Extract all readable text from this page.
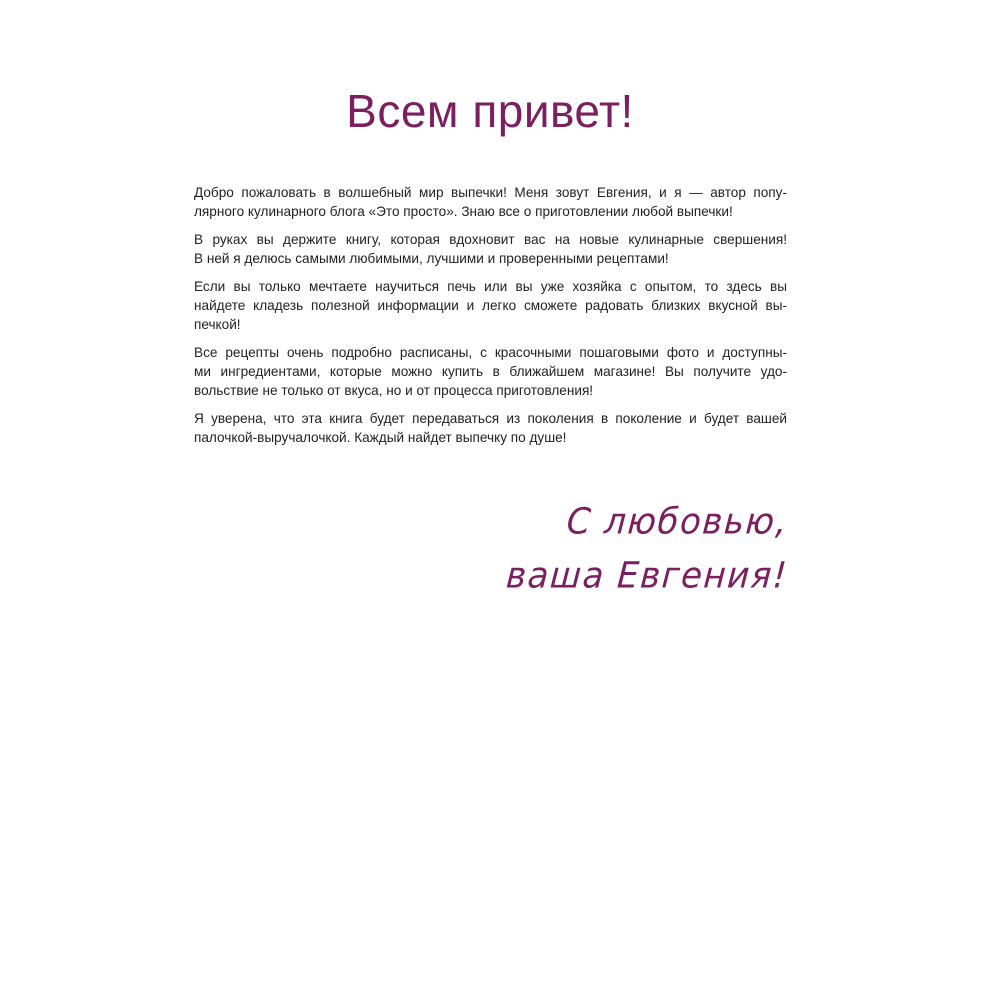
Всем привет!

Добро пожаловать в волшебный мир выпечки! Меня зовут Евгения, и я — автор попу-
лярного кулинарного блога «Это просто». Знаю все о приготовлении любой выпечки!

В руках вы держите книгу, которая вдохновит вас на новые кулинарные свершения!
В ней я делюсь самыми любимыми, лучшими и проверенными рецептами!

Если вы только мечтаете научиться печь или вы уже хозяйка с опытом, то здесь вы
найдете кладезь полезной информации и легко сможете радовать близких вкусной вы-
печкой!

Все рецепты очень подробно расписаны, с красочными пошаговыми фото и доступны-
ми ингредиентами, которые можно купить в ближайшем магазине! Вы получите удо-
вольствие не только от вкуса, но и от процесса приготовления!

Я уверена, что эта книга будет передаваться из поколения в поколение и будет вашей
палочкой-выручалочкой. Каждый найдет выпечку по душе!

С любовью,
ваша Евгения!
